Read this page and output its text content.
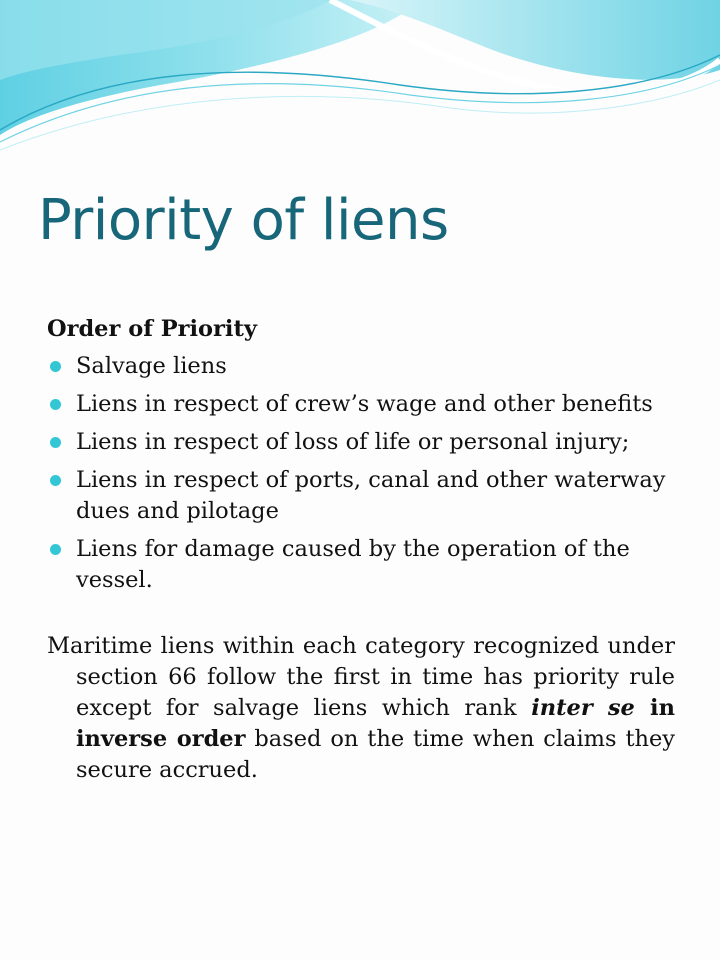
Priority of liens

Order of Priority

Salvage liens
Liens in respect of crew’s wage and other benefits
Liens in respect of loss of life or personal injury;
Liens in respect of ports, canal and other waterway dues and pilotage
Liens for damage caused by the operation of the vessel.

Maritime liens within each category recognized under section 66 follow the first in time has priority rule except for salvage liens which rank inter se in inverse order based on the time when claims they secure accrued.
